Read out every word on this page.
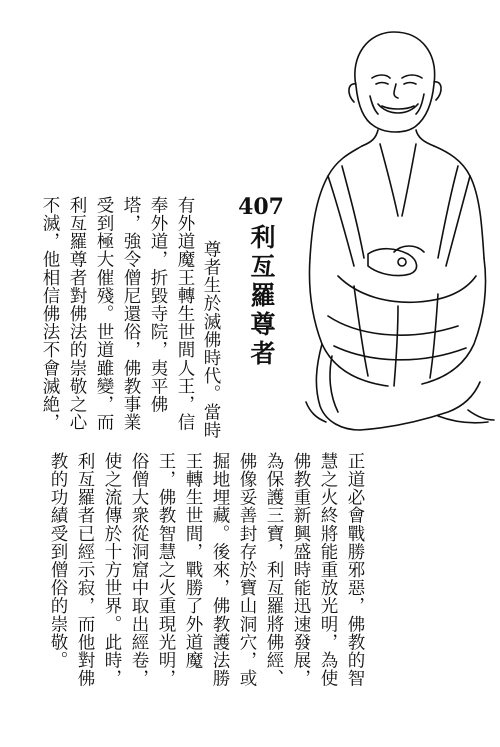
407利亙羅尊者
尊者生於滅佛時代。當時
有外道魔王轉生世間人王，信
奉外道，折毀寺院，夷平佛
塔，強令僧尼還俗，佛教事業
受到極大催殘。世道雖變，而
利亙羅尊者對佛法的崇敬之心
不滅，他相信佛法不會滅絶，
正道必會戰勝邪惡，佛教的智
慧之火終將能重放光明，為使
佛教重新興盛時能迅速發展，
為保護三寶，利亙羅將佛經、
佛像妥善封存於寶山洞穴，或
掘地埋藏。後來，佛教護法勝
王轉生世間，戰勝了外道魔
王，佛教智慧之火重現光明，
俗僧大衆從洞窟中取出經卷，
使之流傳於十方世界。此時，
利亙羅者已經示寂，而他對佛
教的功績受到僧俗的崇敬。
